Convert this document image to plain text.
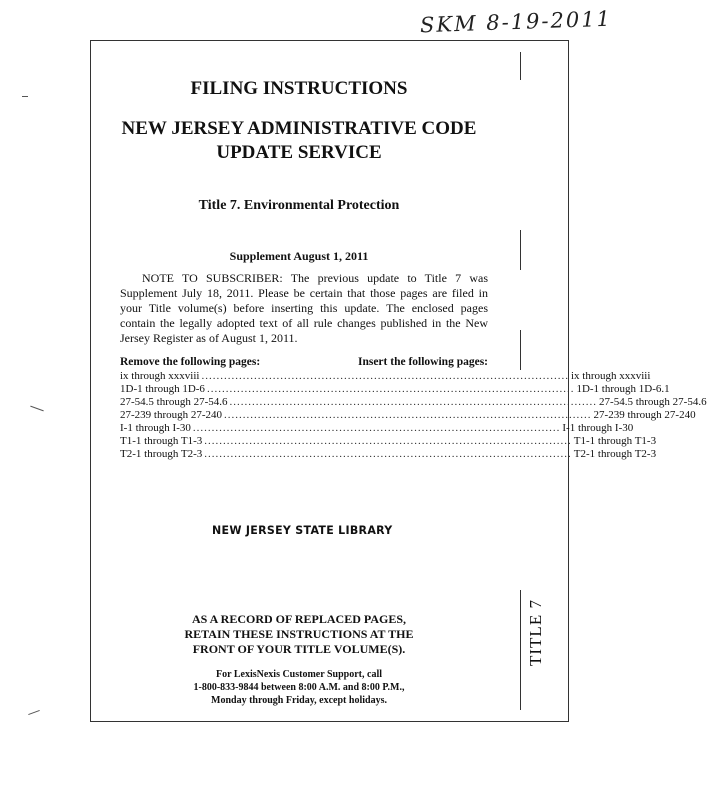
SKM 8-19-2011
FILING INSTRUCTIONS
NEW JERSEY ADMINISTRATIVE CODE
UPDATE SERVICE
Title 7. Environmental Protection
Supplement August 1, 2011
NOTE TO SUBSCRIBER: The previous update to Title 7 was Supplement July 18, 2011. Please be certain that those pages are filed in your Title volume(s) before inserting this update. The enclosed pages contain the legally adopted text of all rule changes published in the New Jersey Register as of August 1, 2011.
Remove the following pages:	Insert the following pages:
ix through xxxviii .................................................................................................. ix through xxxviii
1D-1 through 1D-6 .................................................................................................. 1D-1 through 1D-6.1
27-54.5 through 27-54.6 .................................................................................................. 27-54.5 through 27-54.6
27-239 through 27-240 .................................................................................................. 27-239 through 27-240
I-1 through I-30 .................................................................................................. I-1 through I-30
T1-1 through T1-3 .................................................................................................. T1-1 through T1-3
T2-1 through T2-3 .................................................................................................. T2-1 through T2-3
NEW JERSEY STATE LIBRARY
AS A RECORD OF REPLACED PAGES,
RETAIN THESE INSTRUCTIONS AT THE
FRONT OF YOUR TITLE VOLUME(S).
For LexisNexis Customer Support, call
1-800-833-9844 between 8:00 A.M. and 8:00 P.M.,
Monday through Friday, except holidays.
TITLE 7
